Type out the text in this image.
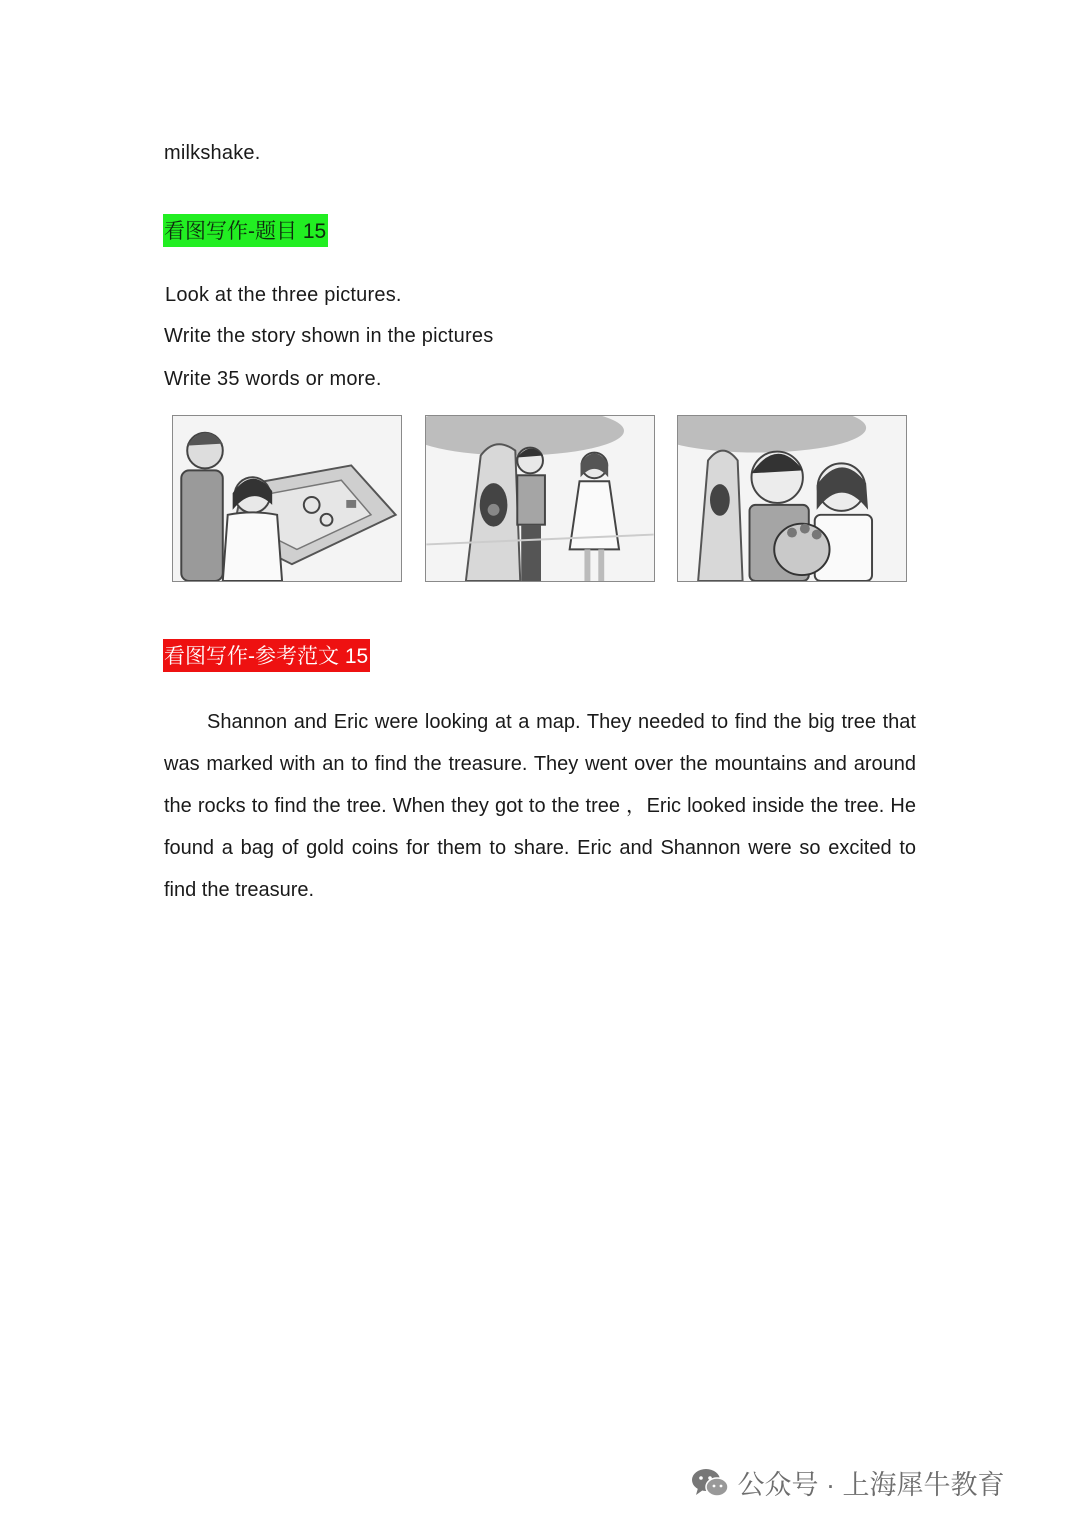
milkshake.
看图写作-题目 15
Look at the three pictures.
Write the story shown in the pictures
Write 35 words or more.
看图写作-参考范文 15

Shannon and Eric were looking at a map. They needed to find the big tree that was marked with an to find the treasure. They went over the mountains and around the rocks to find the tree. When they got to the tree ，Eric looked inside the tree. He found a bag of gold coins for them to share. Eric and Shannon were so excited to find the treasure.

公众号 · 上海犀牛教育
